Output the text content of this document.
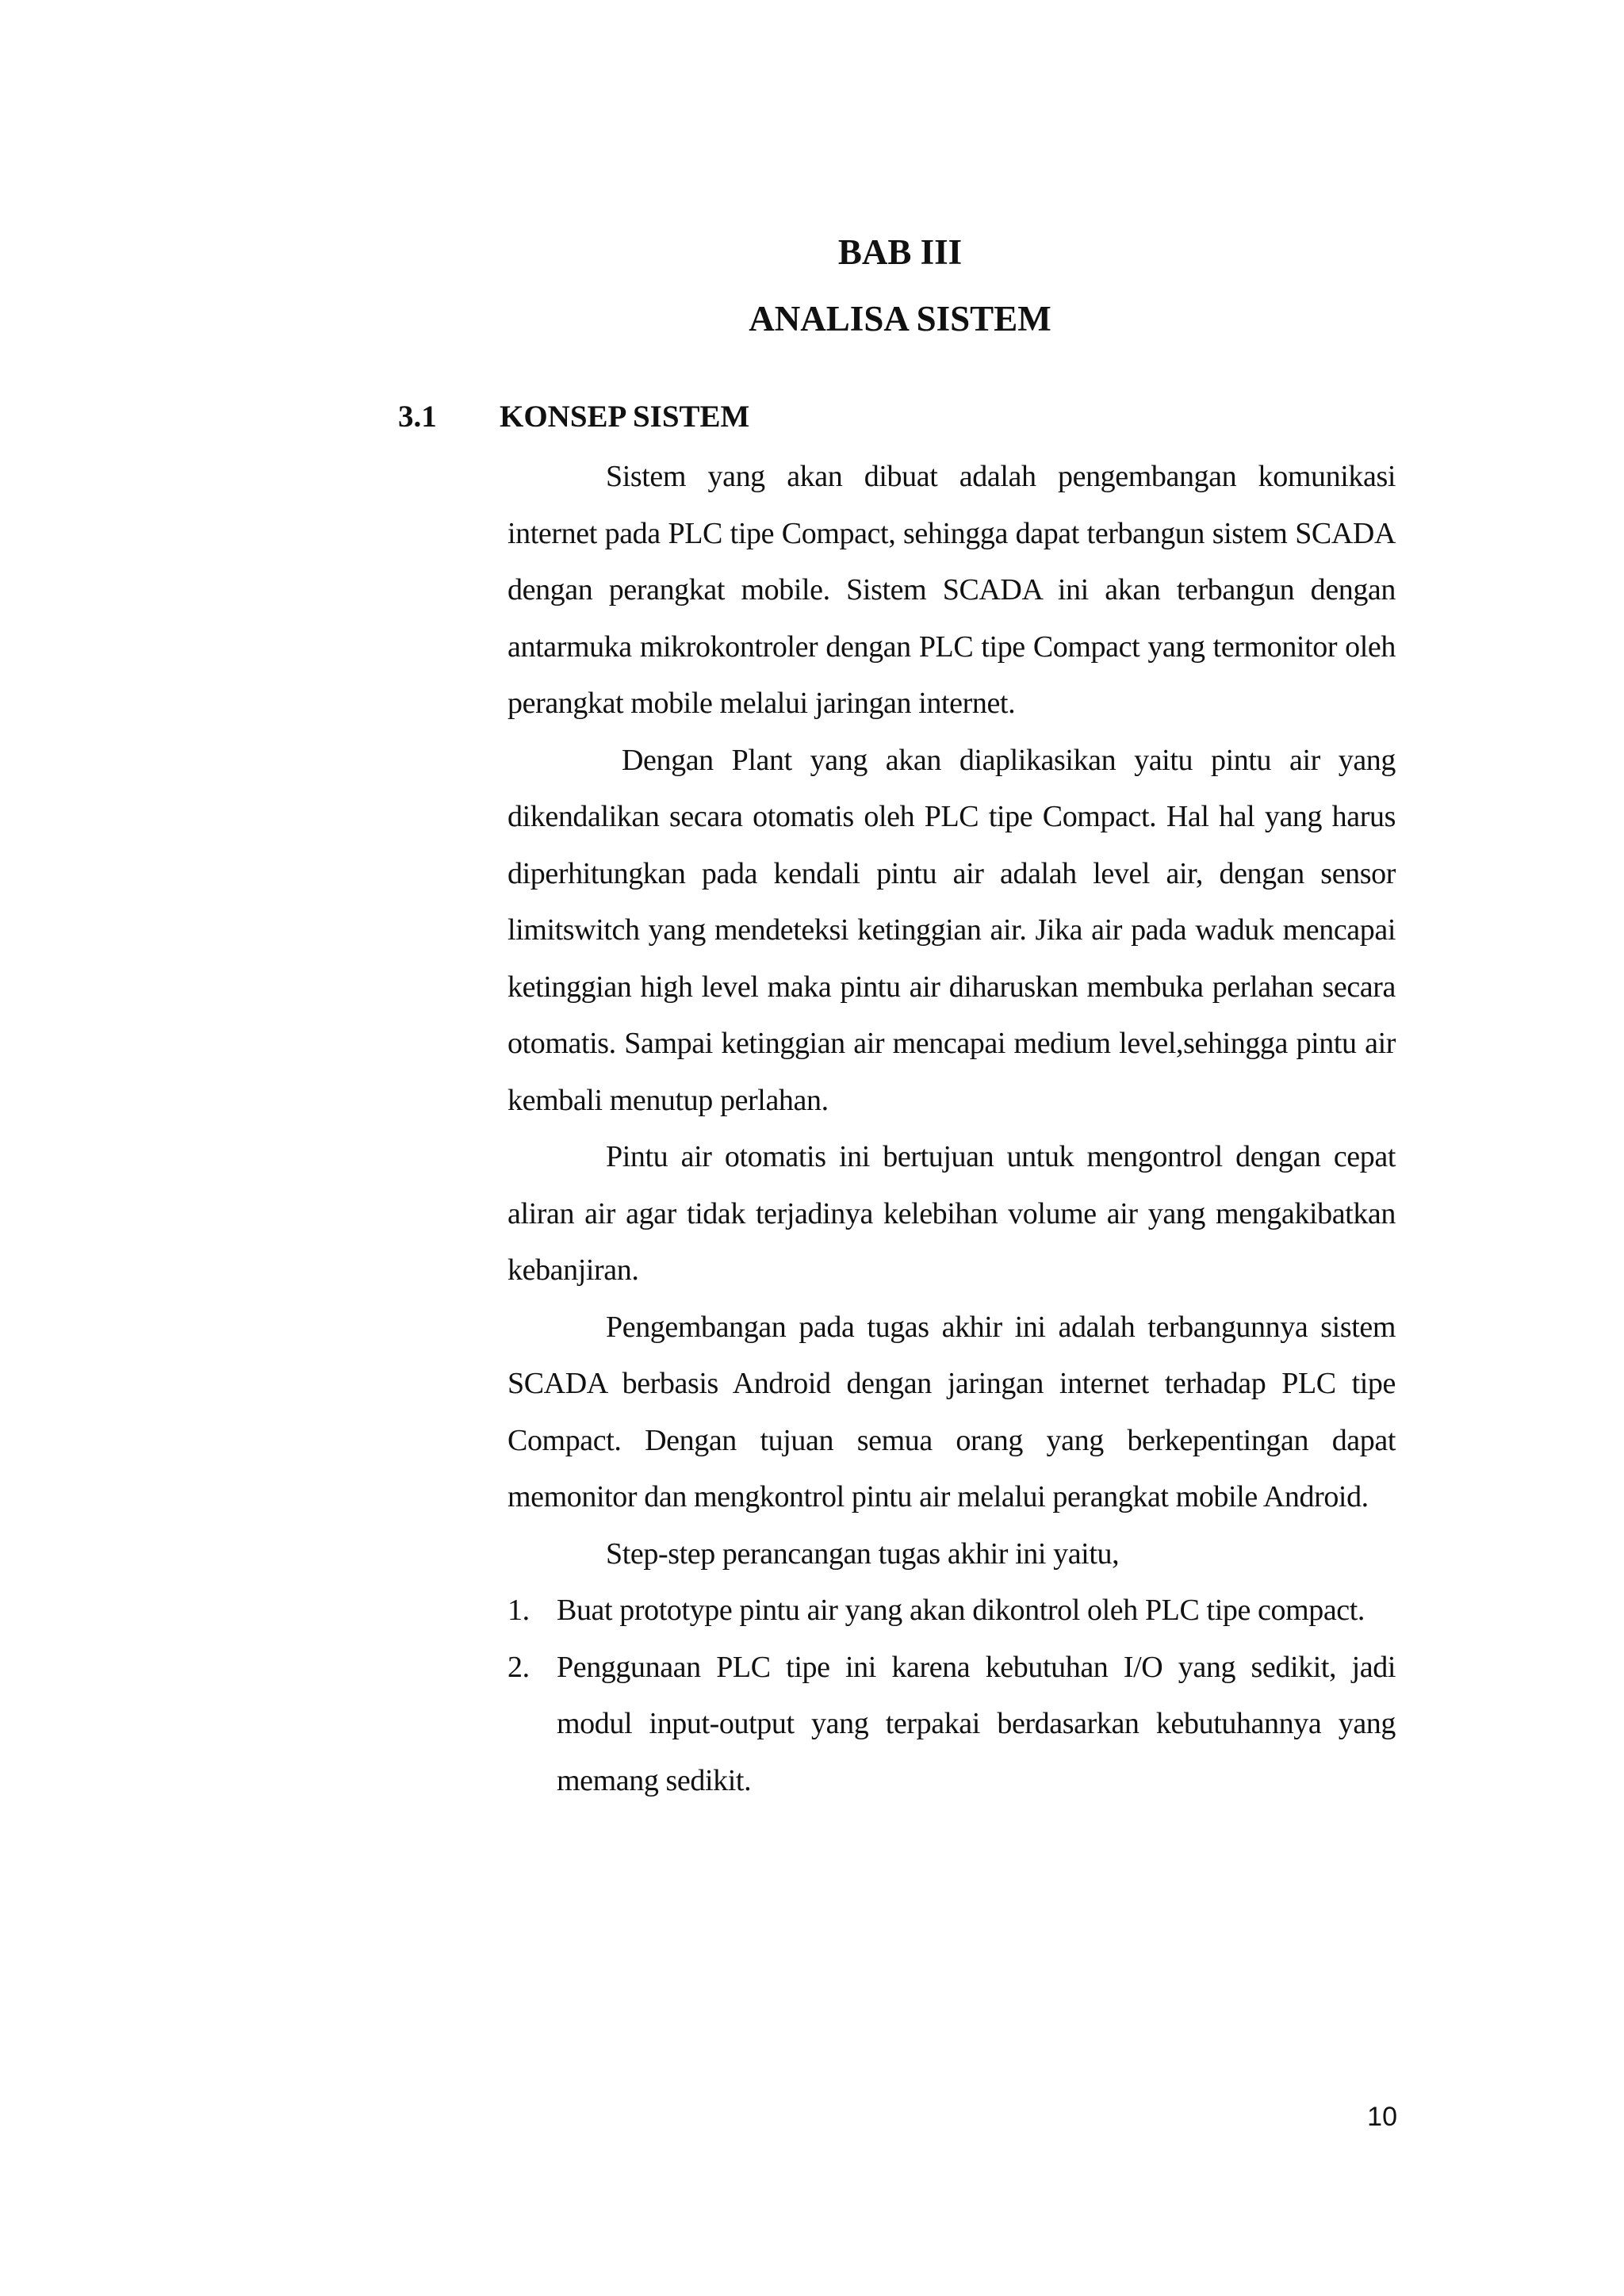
BAB III
ANALISA SISTEM
3.1 KONSEP SISTEM

Sistem yang akan dibuat adalah pengembangan komunikasi internet pada PLC tipe Compact, sehingga dapat terbangun sistem SCADA dengan perangkat mobile. Sistem SCADA ini akan terbangun dengan antarmuka mikrokontroler dengan PLC tipe Compact yang termonitor oleh perangkat mobile melalui jaringan internet.

Dengan Plant yang akan diaplikasikan yaitu pintu air yang dikendalikan secara otomatis oleh PLC tipe Compact. Hal hal yang harus diperhitungkan pada kendali pintu air adalah level air, dengan sensor limitswitch yang mendeteksi ketinggian air. Jika air pada waduk mencapai ketinggian high level maka pintu air diharuskan membuka perlahan secara otomatis. Sampai ketinggian air mencapai medium level,sehingga pintu air kembali menutup perlahan.

Pintu air otomatis ini bertujuan untuk mengontrol dengan cepat aliran air agar tidak terjadinya kelebihan volume air yang mengakibatkan kebanjiran.

Pengembangan pada tugas akhir ini adalah terbangunnya sistem SCADA berbasis Android dengan jaringan internet terhadap PLC tipe Compact. Dengan tujuan semua orang yang berkepentingan dapat memonitor dan mengkontrol pintu air melalui perangkat mobile Android.

Step-step perancangan tugas akhir ini yaitu,

1. Buat prototype pintu air yang akan dikontrol oleh PLC tipe compact.
2. Penggunaan PLC tipe ini karena kebutuhan I/O yang sedikit, jadi modul input-output yang terpakai berdasarkan kebutuhannya yang memang sedikit.
10
